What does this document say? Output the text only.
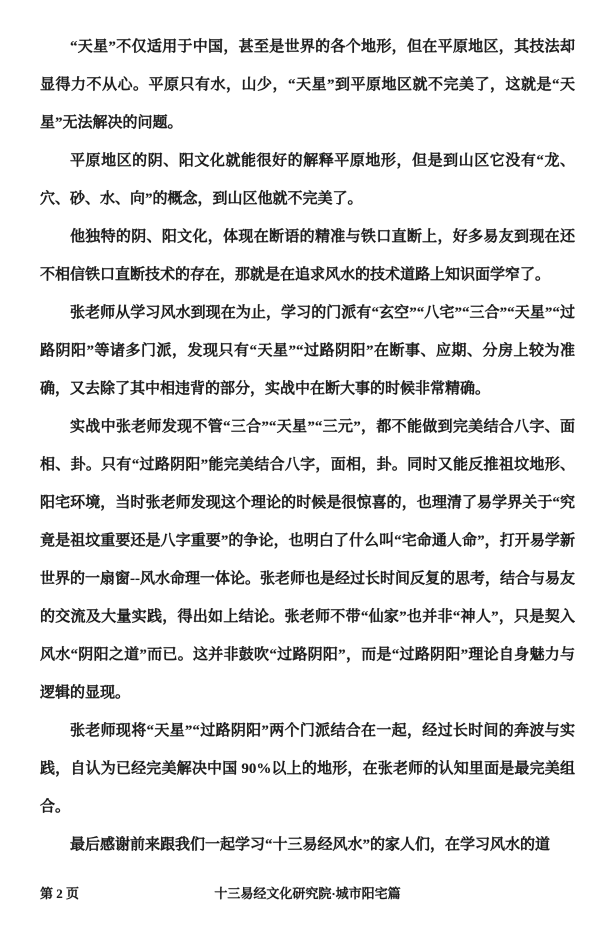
“天星”不仅适用于中国，甚至是世界的各个地形，但在平原地区，其技法却显得力不从心。平原只有水，山少，“天星”到平原地区就不完美了，这就是“天星”无法解决的问题。

平原地区的阴、阳文化就能很好的解释平原地形，但是到山区它没有“龙、穴、砂、水、向”的概念，到山区他就不完美了。

他独特的阴、阳文化，体现在断语的精准与铁口直断上，好多易友到现在还不相信铁口直断技术的存在，那就是在追求风水的技术道路上知识面学窄了。

张老师从学习风水到现在为止，学习的门派有“玄空”“八宅”“三合”“天星”“过路阴阳”等诸多门派，发现只有“天星”“过路阴阳”在断事、应期、分房上较为准确，又去除了其中相违背的部分，实战中在断大事的时候非常精确。

实战中张老师发现不管“三合”“天星”“三元”，都不能做到完美结合八字、面相、卦。只有“过路阴阳”能完美结合八字，面相，卦。同时又能反推祖坟地形、阳宅环境，当时张老师发现这个理论的时候是很惊喜的，也理清了易学界关于“究竟是祖坟重要还是八字重要”的争论，也明白了什么叫“宅命通人命”，打开易学新世界的一扇窗--风水命理一体论。张老师也是经过长时间反复的思考，结合与易友的交流及大量实践，得出如上结论。张老师不带“仙家”也并非“神人”，只是契入风水“阴阳之道”而已。这并非鼓吹“过路阴阳”，而是“过路阴阳”理论自身魅力与逻辑的显现。

张老师现将“天星”“过路阴阳”两个门派结合在一起，经过长时间的奔波与实践，自认为已经完美解决中国 90%以上的地形，在张老师的认知里面是最完美组合。

最后感谢前来跟我们一起学习“十三易经风水”的家人们，在学习风水的道

第 2 页	十三易经文化研究院·城市阳宅篇
